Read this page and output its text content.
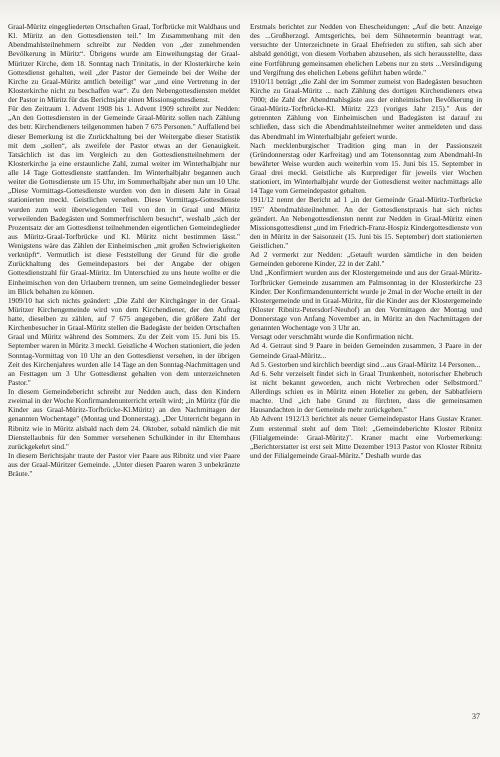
Graal-Müritz eingegliederten Ortschaften Graal, Torfbrücke mit Waldhaus und Kl. Müritz an den Gottesdiensten teil." Im Zusammenhang mit den Abendmahlsteilnehmern schreibt zur Nedden von „der zunehmenden Bevölkerung in Müritz“. Übrigens wurde am Einweihungstag der Graal-Müritzer Kirche, dem 18. Sonntag nach Trinitatis, in der Klosterkirche kein Gottesdienst gehalten, weil „der Pastor der Gemeinde bei der Weihe der Kirche zu Graal-Müritz amtlich beteiligt" war „und eine Vertretung in der Klosterkirche nicht zu beschaffen war“. Zu den Nebengottesdiensten meldet der Pastor in Müritz für das Berichtsjahr einen Missionsgottesdienst.

Für den Zeitraum 1. Advent 1908 bis 1. Advent 1909 schreibt zur Nedden: „An den Gottesdiensten in der Gemeinde Graal-Müritz sollen nach Zählung des betr. Kirchendieners teilgenommen haben 7 675 Personen." Auffallend bei dieser Bemerkung ist die Zurückhaltung bei der Weitergabe dieser Statistik mit dem „sollen“, als zweifele der Pastor etwas an der Genauigkeit. Tatsächlich ist das im Vergleich zu den Gottesdienstteilnehmern der Klosterkirche ja eine erstaunliche Zahl, zumal weiter im Winterhalbjahr nur alle 14 Tage Gottesdienste stattfanden. Im Winterhalbjahr begannen auch weiter die Gottesdienste um 15 Uhr, im Sommerhalbjahr aber nun um 10 Uhr. „Diese Vormittags-Gottesdienste wurden von den in diesem Jahr in Graal stationierten meckl. Geistlichen versehen. Diese Vormittags-Gottesdienste wurden zum weit überwiegenden Teil von den in Graal und Müritz verweilenden Badegästen und Sommerfrischlern besucht“, weshalb „sich der Prozentsatz der am Gottesdienst teilnehmenden eigentlichen Gemeindeglieder aus Müritz-Graal-Torfbrücke und Kl. Müritz nicht bestimmen lässt." Wenigstens wäre das Zählen der Einheimischen „mit großen Schwierigkeiten verknüpft“. Vermutlich ist diese Feststellung der Grund für die große Zurückhaltung des Gemeindepastors bei der Angabe der obigen Gottesdienstzahl für Graal-Müritz. Im Unterschied zu uns heute wollte er die Einheimischen von den Urlaubern trennen, um seine Gemeindeglieder besser im Blick behalten zu können.

1909/10 hat sich nichts geändert: „Die Zahl der Kirchgänger in der Graal-Müritzer Kirchengemeinde wird von dem Kirchendiener, der den Auftrag hatte, dieselben zu zählen, auf 7 675 angegeben, die größere Zahl der Kirchenbesucher in Graal-Müritz stellen die Badegäste der beiden Ortschaften Graal und Müritz während des Sommers. Zu der Zeit vom 15. Juni bis 15. September waren in Müritz 3 meckl. Geistliche 4 Wochen stationiert, die jeden Sonntag-Vormittag von 10 Uhr an den Gottesdienst versehen, in der übrigen Zeit des Kirchenjahres wurden alle 14 Tage an den Sonntag-Nachmittagen und an Festtagen um 3 Uhr Gottesdienst gehalten von dem unterzeichneten Pastor."

In diesem Gemeindebericht schreibt zur Nedden auch, dass den Kindern zweimal in der Woche Konfirmandenunterricht erteilt wird; „in Müritz (für die Kinder aus Graal-Müritz-Torfbrücke-Kl.Müritz) an den Nachmittagen der genannten Wochentage" (Montag und Donnerstag). „Der Unterricht begann in Ribnitz wie in Müritz alsbald nach dem 24. Oktober, sobald nämlich die mit Dienstellaubnis für den Sommer versehenen Schulkinder in ihr Elternhaus zurückgekehrt sind."

In diesem Berichtsjahr traute der Pastor vier Paare aus Ribnitz und vier Paare aus der Graal-Müritzer Gemeinde. „Unter diesen Paaren waren 3 unbekränzte Bräute."

Erstmals berichtet zur Nedden von Ehescheidungen: „Auf die betr. Anzeige des ...Großherzogl. Amtsgerichts, bei dem Sühnetermin beantragt war, versuchte der Unterzeichnete in Graal Ehefrieden zu stiften, sah sich aber alsbald genötigt, von diesem Vorhaben abzusehen, als sich herausstellte, dass eine Fortführung gemeinsamen ehelichen Lebens nur zu stets ...Versündigung und Vergiftung des ehelichen Lebens geführt haben würde."

1910/11 beträgt „die Zahl der im Sommer zumeist von Badegästen besuchten Kirche zu Graal-Müritz ... nach Zählung des dortigen Kirchendieners etwa 7000; die Zahl der Abendmahlsgäste aus der einheimischen Bevölkerung in Graal-Müritz-Torfbrücke-Kl. Müritz 223 (voriges Jahr 215)." Aus der getrennten Zählung von Einheimischen und Badegästen ist darauf zu schließen, dass sich die Abendmahlsteilnehmer weiter anmeldeten und dass das Abendmahl im Winterhalbjahr gefeiert wurde.

Nach mecklenburgischer Tradition ging man in der Passionszeit (Gründonnerstag oder Karfreitag) und am Totensonntag zum Abendmahl-In bewährter Weise wurden auch weiterhin vom 15. Juni bis 15. September in Graal drei meckl. Geistliche als Kurprediger für jeweils vier Wochen stationiert, im Winterhalbjahr wurde der Gottesdienst weiter nachmittags alle 14 Tage vom Gemeindepastor gehalten.

1911/12 nennt der Bericht ad 1 „in der Gemeinde Graal-Müritz-Torfbrücke 195" Abendmahlsteilnehmer. An der Gottesdienstpraxis hat sich nichts geändert. An Nebengottesdiensten nennt zur Nedden in Graal-Müritz einen Missionsgottesdienst „und im Friedrich-Franz-Hospiz Kindergottesdienste von den in Müritz in der Saisonzeit (15. Juni bis 15. September) dort stationierten Geistlichen."

Ad 2 vermerkt zur Nedden: „Getauft wurden sämtliche in den beiden Gemeinden geborene Kinder, 22 in der Zahl."

Und „Konfirmiert wurden aus der Klostergemeinde und aus der Graal-Müritz-Torfbrücker Gemeinde zusammen am Palmsonntag in der Klosterkirche 23 Kinder. Der Konfirmandenunterricht wurde je 2mal in der Woche erteilt in der Klostergemeinde und in Graal-Müritz, für die Kinder aus der Klostergemeinde (Kloster Ribnitz-Petersdorf-Neuhof) an den Vormittagen der Montag und Donnerstage von Anfang November an, in Müritz an den Nachmittagen der genannten Wochentage von 3 Uhr an.

Versagt oder verschmäht wurde die Konfirmation nicht.

Ad 4. Getraut sind 9 Paare in beiden Gemeinden zusammen, 3 Paare in der Gemeinde Graal-Müritz...

Ad 5. Gestorben und kirchlich beerdigt sind ...aus Graal-Müritz 14 Personen...

Ad 6. Sehr verzeiselt findet sich in Graal Trunkenheit, notorischer Ehebruch ist nicht bekannt geworden, auch nicht Verbrechen oder Selbstmord." Allerdings schien es in Müritz einen Hotelier zu geben, der Sabbatfeiern machte. Und „ich habe Grund zu fürchten, dass die gemeinsamen Hausandachten in der Gemeinde mehr zurückgehen."

Ab Advent 1912/13 berichtet als neuer Gemeindepastor Hans Gustav Kraner. Zum erstenmal steht auf dem Titel: „Gemeindeberichte Kloster Ribnitz (Filialgemeinde: Graal-Müritz)". Kraner macht eine Vorbemerkung: „Berichterstatter ist erst seit Mitte Dezember 1913 Pastor von Kloster Ribnitz und der Filialgemeinde Graal-Müritz." Deshalb wurde das

37
